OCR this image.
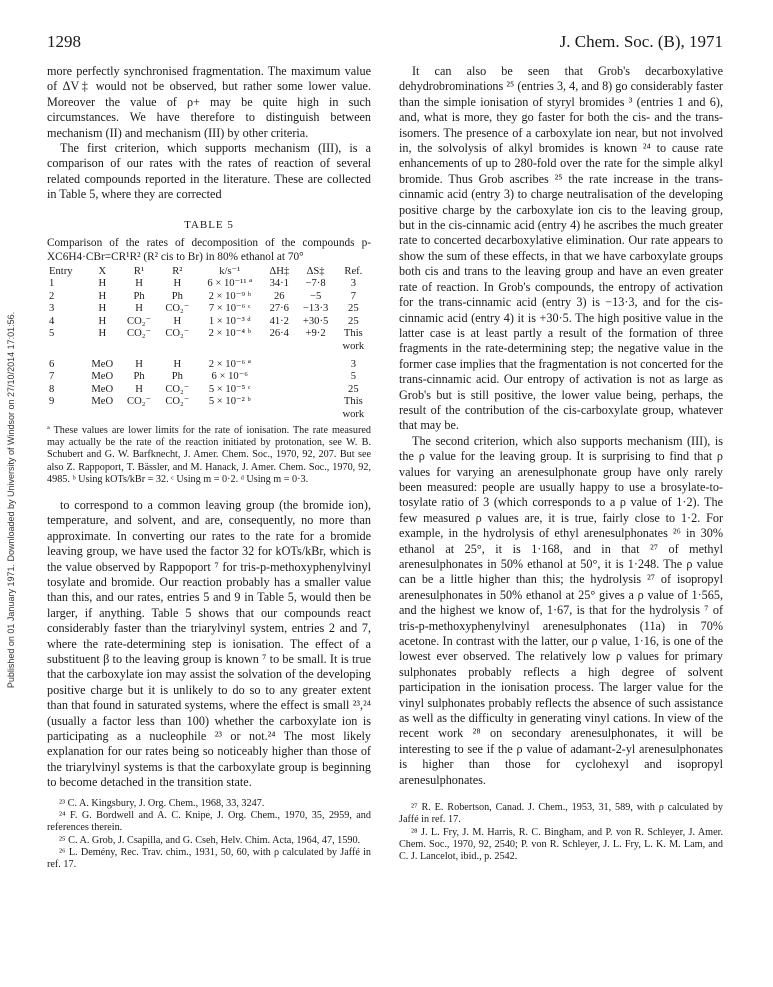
Published on 01 January 1971. Downloaded by University of Windsor on 27/10/2014 17:01:56.
1298	J. Chem. Soc. (B), 1971

more perfectly synchronised fragmentation. The maximum value of ΔV‡ would not be observed, but rather some lower value. Moreover the value of ρ+ may be quite high in such circumstances. We have therefore to distinguish between mechanism (II) and mechanism (III) by other criteria.

The first criterion, which supports mechanism (III), is a comparison of our rates with the rates of reaction of several related compounds reported in the literature. These are collected in Table 5, where they are corrected

TABLE 5

Comparison of the rates of decomposition of the compounds p-XC6H4·CBr=CR¹R² (R² cis to Br) in 80% ethanol at 70°

Entry	X	R¹	R²	k/s⁻¹	ΔH‡	ΔS‡	Ref.
1	H	H	H	6 × 10⁻¹¹ ª	34·1	−7·8	3
2	H	Ph	Ph	2 × 10⁻⁹ ᵇ	26	−5	7
3	H	H	CO₂⁻	7 × 10⁻⁶ ᶜ	27·6	−13·3	25
4	H	CO₂⁻	H	1 × 10⁻³ ᵈ	41·2	+30·5	25
5	H	CO₂⁻	CO₂⁻	2 × 10⁻⁴ ᵇ	26·4	+9·2	This
							work
6	MeO	H	H	2 × 10⁻⁶ ª			3
7	MeO	Ph	Ph	6 × 10⁻⁶			5
8	MeO	H	CO₂⁻	5 × 10⁻⁵ ᶜ			25
9	MeO	CO₂⁻	CO₂⁻	5 × 10⁻² ᵇ			This
							work

ª These values are lower limits for the rate of ionisation. The rate measured may actually be the rate of the reaction initiated by protonation, see W. B. Schubert and G. W. Barfknecht, J. Amer. Chem. Soc., 1970, 92, 207. But see also Z. Rappoport, T. Bässler, and M. Hanack, J. Amer. Chem. Soc., 1970, 92, 4985. ᵇ Using kOTs/kBr = 32. ᶜ Using m = 0·2. ᵈ Using m = 0·3.

to correspond to a common leaving group (the bromide ion), temperature, and solvent, and are, consequently, no more than approximate. In converting our rates to the rate for a bromide leaving group, we have used the factor 32 for kOTs/kBr, which is the value observed by Rappoport ⁷ for tris-p-methoxyphenylvinyl tosylate and bromide. Our reaction probably has a smaller value than this, and our rates, entries 5 and 9 in Table 5, would then be larger, if anything. Table 5 shows that our compounds react considerably faster than the triarylvinyl system, entries 2 and 7, where the rate-determining step is ionisation. The effect of a substituent β to the leaving group is known ⁷ to be small. It is true that the carboxylate ion may assist the solvation of the developing positive charge but it is unlikely to do so to any greater extent than that found in saturated systems, where the effect is small ²³,²⁴ (usually a factor less than 100) whether the carboxylate ion is participating as a nucleophile ²³ or not.²⁴ The most likely explanation for our rates being so noticeably higher than those of the triarylvinyl systems is that the carboxylate group is beginning to become detached in the transition state.

²³ C. A. Kingsbury, J. Org. Chem., 1968, 33, 3247.

²⁴ F. G. Bordwell and A. C. Knipe, J. Org. Chem., 1970, 35, 2959, and references therein.

²⁵ C. A. Grob, J. Csapilla, and G. Cseh, Helv. Chim. Acta, 1964, 47, 1590.

²⁶ L. Demény, Rec. Trav. chim., 1931, 50, 60, with ρ calculated by Jaffé in ref. 17.

It can also be seen that Grob's decarboxylative dehydrobrominations ²⁵ (entries 3, 4, and 8) go considerably faster than the simple ionisation of styryl bromides ³ (entries 1 and 6), and, what is more, they go faster for both the cis- and the trans-isomers. The presence of a carboxylate ion near, but not involved in, the solvolysis of alkyl bromides is known ²⁴ to cause rate enhancements of up to 280-fold over the rate for the simple alkyl bromide. Thus Grob ascribes ²⁵ the rate increase in the trans-cinnamic acid (entry 3) to charge neutralisation of the developing positive charge by the carboxylate ion cis to the leaving group, but in the cis-cinnamic acid (entry 4) he ascribes the much greater rate to concerted decarboxylative elimination. Our rate appears to show the sum of these effects, in that we have carboxylate groups both cis and trans to the leaving group and have an even greater rate of reaction. In Grob's compounds, the entropy of activation for the trans-cinnamic acid (entry 3) is −13·3, and for the cis-cinnamic acid (entry 4) it is +30·5. The high positive value in the latter case is at least partly a result of the formation of three fragments in the rate-determining step; the negative value in the former case implies that the fragmentation is not concerted for the trans-cinnamic acid. Our entropy of activation is not as large as Grob's but is still positive, the lower value being, perhaps, the result of the contribution of the cis-carboxylate group, whatever that may be.

The second criterion, which also supports mechanism (III), is the ρ value for the leaving group. It is surprising to find that ρ values for varying an arenesulphonate group have only rarely been measured: people are usually happy to use a brosylate-to-tosylate ratio of 3 (which corresponds to a ρ value of 1·2). The few measured ρ values are, it is true, fairly close to 1·2. For example, in the hydrolysis of ethyl arenesulphonates ²⁶ in 30% ethanol at 25°, it is 1·168, and in that ²⁷ of methyl arenesulphonates in 50% ethanol at 50°, it is 1·248. The ρ value can be a little higher than this; the hydrolysis ²⁷ of isopropyl arenesulphonates in 50% ethanol at 25° gives a ρ value of 1·565, and the highest we know of, 1·67, is that for the hydrolysis ⁷ of tris-p-methoxyphenylvinyl arenesulphonates (11a) in 70% acetone. In contrast with the latter, our ρ value, 1·16, is one of the lowest ever observed. The relatively low ρ values for primary sulphonates probably reflects a high degree of solvent participation in the ionisation process. The larger value for the vinyl sulphonates probably reflects the absence of such assistance as well as the difficulty in generating vinyl cations. In view of the recent work ²⁸ on secondary arenesulphonates, it will be interesting to see if the ρ value of adamant-2-yl arenesulphonates is higher than those for cyclohexyl and isopropyl arenesulphonates.

²⁷ R. E. Robertson, Canad. J. Chem., 1953, 31, 589, with ρ calculated by Jaffé in ref. 17.

²⁸ J. L. Fry, J. M. Harris, R. C. Bingham, and P. von R. Schleyer, J. Amer. Chem. Soc., 1970, 92, 2540; P. von R. Schleyer, J. L. Fry, L. K. M. Lam, and C. J. Lancelot, ibid., p. 2542.
